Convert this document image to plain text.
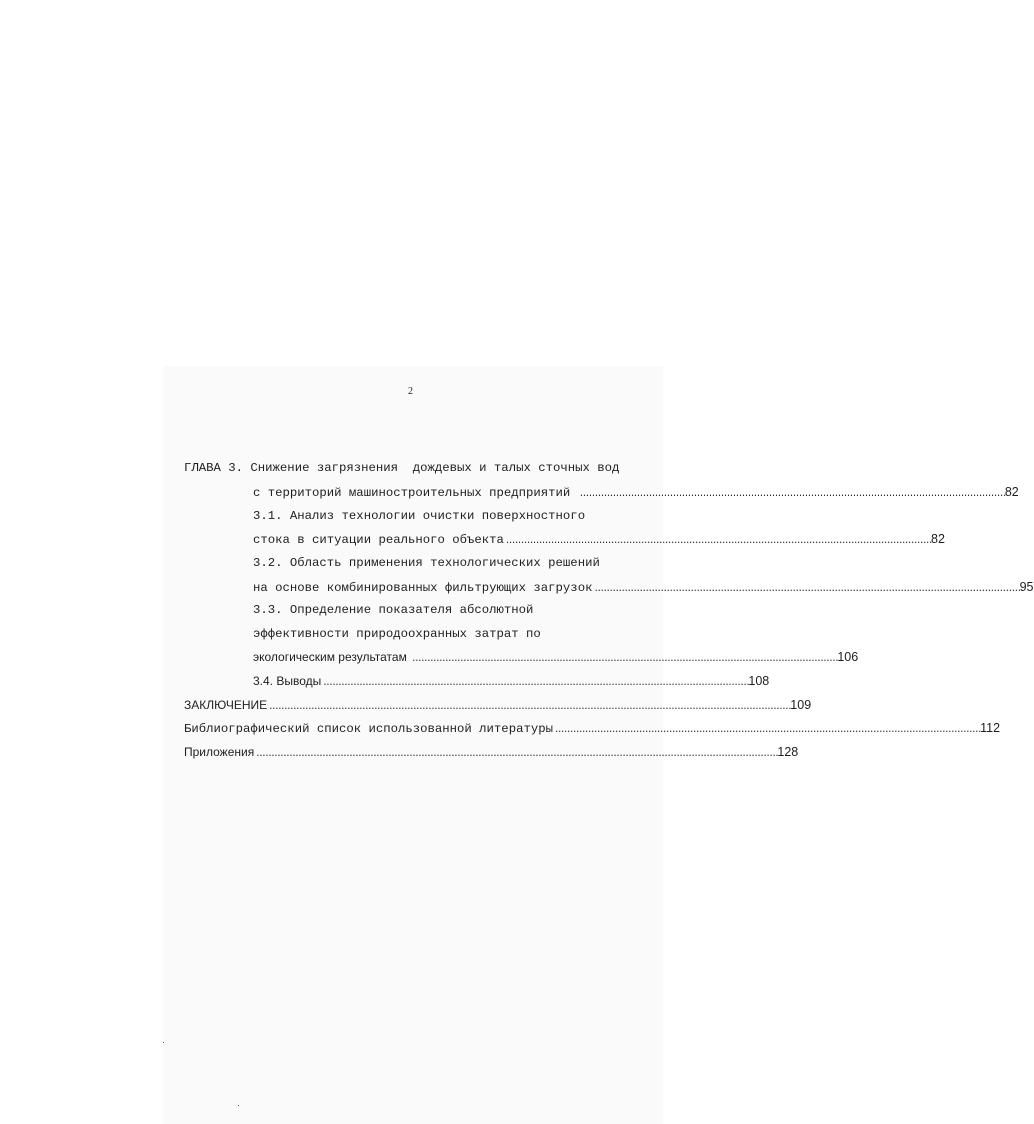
2
ГЛАВА 3. Снижение загрязнения  дождевых и талых сточных вод
с территорий машиностроительных предприятий .............................................................................................................................................. 82
3.1. Анализ технологии очистки поверхностного
стока в ситуации реального объекта .............................................................................................................................................. 82
3.2. Область применения технологических решений
на основе комбинированных фильтрующих загрузок .............................................................................................................................................. 95
3.3. Определение показателя абсолютной
эффективности природоохранных затрат по
экологическим результатам .............................................................................................................................................. 106
3.4. Выводы .............................................................................................................................................. 108
ЗАКЛЮЧЕНИЕ .............................................................................................................................................................................. 109
Библиографический список использованной литературы .............................................................................................................................................. 112
Приложения .............................................................................................................................................................................. 128
